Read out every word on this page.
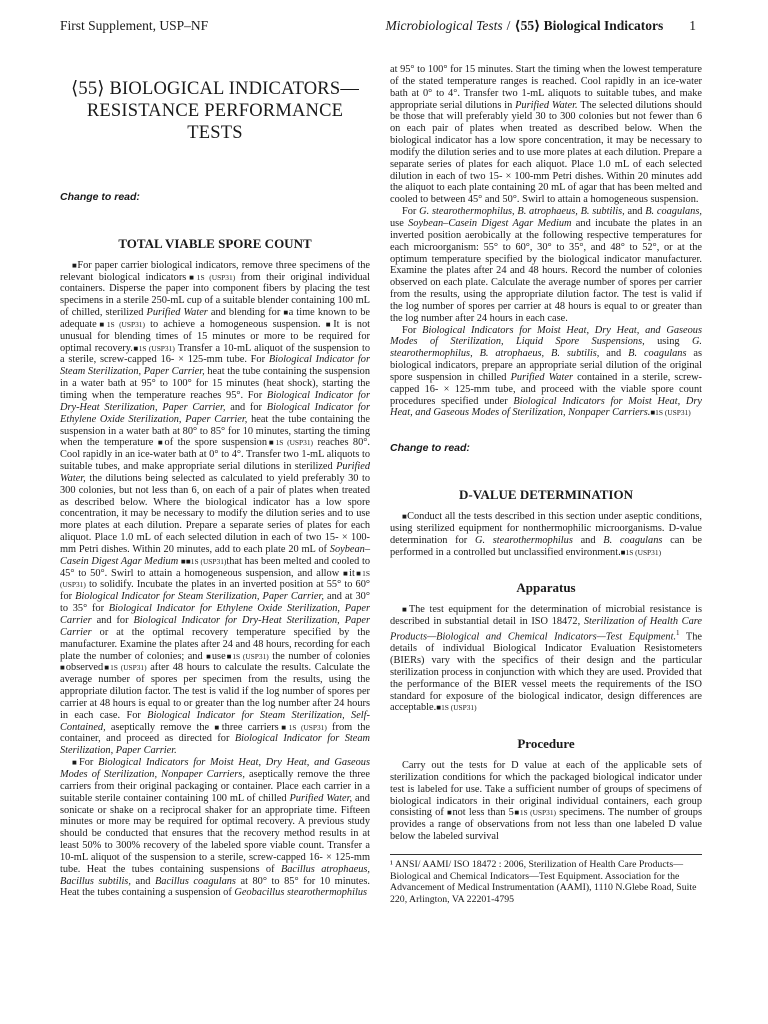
First Supplement, USP–NF	Microbiological Tests / ⟨55⟩ Biological Indicators 1
⟨55⟩ BIOLOGICAL INDICATORS— RESISTANCE PERFORMANCE TESTS
Change to read:
TOTAL VIABLE SPORE COUNT

■For paper carrier biological indicators, remove three specimens of the relevant biological indicators■1S (USP31) from their original individual containers. Disperse the paper into component fibers by placing the test specimens in a sterile 250-mL cup of a suitable blender containing 100 mL of chilled, sterilized Purified Water and blending for ■a time known to be adequate■1S (USP31) to achieve a homogeneous suspension. ■It is not unusual for blending times of 15 minutes or more to be required for optimal recovery.■1S (USP31) Transfer a 10-mL aliquot of the suspension to a sterile, screw-capped 16- × 125-mm tube. For Biological Indicator for Steam Sterilization, Paper Carrier, heat the tube containing the suspension in a water bath at 95° to 100° for 15 minutes (heat shock), starting the timing when the temperature reaches 95°. For Biological Indicator for Dry-Heat Sterilization, Paper Carrier, and for Biological Indicator for Ethylene Oxide Sterilization, Paper Carrier, heat the tube containing the suspension in a water bath at 80° to 85° for 10 minutes, starting the timing when the temperature ■of the spore suspension■1S (USP31) reaches 80°. Cool rapidly in an ice-water bath at 0° to 4°. Transfer two 1-mL aliquots to suitable tubes, and make appropriate serial dilutions in sterilized Purified Water, the dilutions being selected as calculated to yield preferably 30 to 300 colonies, but not less than 6, on each of a pair of plates when treated as described below. Where the biological indicator has a low spore concentration, it may be necessary to modify the dilution series and to use more plates at each dilution. Prepare a separate series of plates for each aliquot. Place 1.0 mL of each selected dilution in each of two 15- × 100-mm Petri dishes. Within 20 minutes, add to each plate 20 mL of Soybean–Casein Digest Agar Medium ■■1S (USP31)that has been melted and cooled to 45° to 50°. Swirl to attain a homogeneous suspension, and allow ■it■1S (USP31) to solidify. Incubate the plates in an inverted position at 55° to 60° for Biological Indicator for Steam Sterilization, Paper Carrier, and at 30° to 35° for Biological Indicator for Ethylene Oxide Sterilization, Paper Carrier and for Biological Indicator for Dry-Heat Sterilization, Paper Carrier or at the optimal recovery temperature specified by the manufacturer. Examine the plates after 24 and 48 hours, recording for each plate the number of colonies; and ■use■1S (USP31) the number of colonies ■observed■1S (USP31) after 48 hours to calculate the results. Calculate the average number of spores per specimen from the results, using the appropriate dilution factor. The test is valid if the log number of spores per carrier at 48 hours is equal to or greater than the log number after 24 hours in each case. For Biological Indicator for Steam Sterilization, Self-Contained, aseptically remove the ■three carriers■1S (USP31) from the container, and proceed as directed for Biological Indicator for Steam Sterilization, Paper Carrier.

■For Biological Indicators for Moist Heat, Dry Heat, and Gaseous Modes of Sterilization, Nonpaper Carriers, aseptically remove the three carriers from their original packaging or container. Place each carrier in a suitable sterile container containing 100 mL of chilled Purified Water, and sonicate or shake on a reciprocal shaker for an appropriate time. Fifteen minutes or more may be required for optimal recovery. A previous study should be conducted that ensures that the recovery method results in at least 50% to 300% recovery of the labeled spore viable count. Transfer a 10-mL aliquot of the suspension to a sterile, screw-capped 16- × 125-mm tube. Heat the tubes containing suspensions of Bacillus atrophaeus, Bacillus subtilis, and Bacillus coagulans at 80° to 85° for 10 minutes. Heat the tubes containing a suspension of Geobacillus stearothermophilus

at 95° to 100° for 15 minutes. Start the timing when the lowest temperature of the stated temperature ranges is reached. Cool rapidly in an ice-water bath at 0° to 4°. Transfer two 1-mL aliquots to suitable tubes, and make appropriate serial dilutions in Purified Water. The selected dilutions should be those that will preferably yield 30 to 300 colonies but not fewer than 6 on each pair of plates when treated as described below. When the biological indicator has a low spore concentration, it may be necessary to modify the dilution series and to use more plates at each dilution. Prepare a separate series of plates for each aliquot. Place 1.0 mL of each selected dilution in each of two 15- × 100-mm Petri dishes. Within 20 minutes add the aliquot to each plate containing 20 mL of agar that has been melted and cooled to between 45° and 50°. Swirl to attain a homogeneous suspension.

For G. stearothermophilus, B. atrophaeus, B. subtilis, and B. coagulans, use Soybean–Casein Digest Agar Medium and incubate the plates in an inverted position aerobically at the following respective temperatures for each microorganism: 55° to 60°, 30° to 35°, and 48° to 52°, or at the optimum temperature specified by the biological indicator manufacturer. Examine the plates after 24 and 48 hours. Record the number of colonies observed on each plate. Calculate the average number of spores per carrier from the results, using the appropriate dilution factor. The test is valid if the log number of spores per carrier at 48 hours is equal to or greater than the log number after 24 hours in each case.

For Biological Indicators for Moist Heat, Dry Heat, and Gaseous Modes of Sterilization, Liquid Spore Suspensions, using G. stearothermophilus, B. atrophaeus, B. subtilis, and B. coagulans as biological indicators, prepare an appropriate serial dilution of the original spore suspension in chilled Purified Water contained in a sterile, screw-capped 16- × 125-mm tube, and proceed with the viable spore count procedures specified under Biological Indicators for Moist Heat, Dry Heat, and Gaseous Modes of Sterilization, Nonpaper Carriers.■1S (USP31)

Change to read:
D-VALUE DETERMINATION

■Conduct all the tests described in this section under aseptic conditions, using sterilized equipment for nonthermophilic microorganisms. D-value determination for G. stearothermophilus and B. coagulans can be performed in a controlled but unclassified environment.■1S (USP31)

Apparatus

■The test equipment for the determination of microbial resistance is described in substantial detail in ISO 18472, Sterilization of Health Care Products—Biological and Chemical Indicators—Test Equipment.$^1$ The details of individual Biological Indicator Evaluation Resistometers (BIERs) vary with the specifics of their design and the particular sterilization process in conjunction with which they are used. Provided that the performance of the BIER vessel meets the requirements of the ISO standard for exposure of the biological indicator, design differences are acceptable.■1S (USP31)

Procedure

Carry out the tests for D value at each of the applicable sets of sterilization conditions for which the packaged biological indicator under test is labeled for use. Take a sufficient number of groups of specimens of biological indicators in their original individual containers, each group consisting of ■not less than 5■1S (USP31) specimens. The number of groups provides a range of observations from not less than one labeled D value below the labeled survival

¹ ANSI/ AAMI/ ISO 18472 : 2006, Sterilization of Health Care Products—Biological and Chemical Indicators—Test Equipment. Association for the Advancement of Medical Instrumentation (AAMI), 1110 N.Glebe Road, Suite 220, Arlington, VA 22201-4795
